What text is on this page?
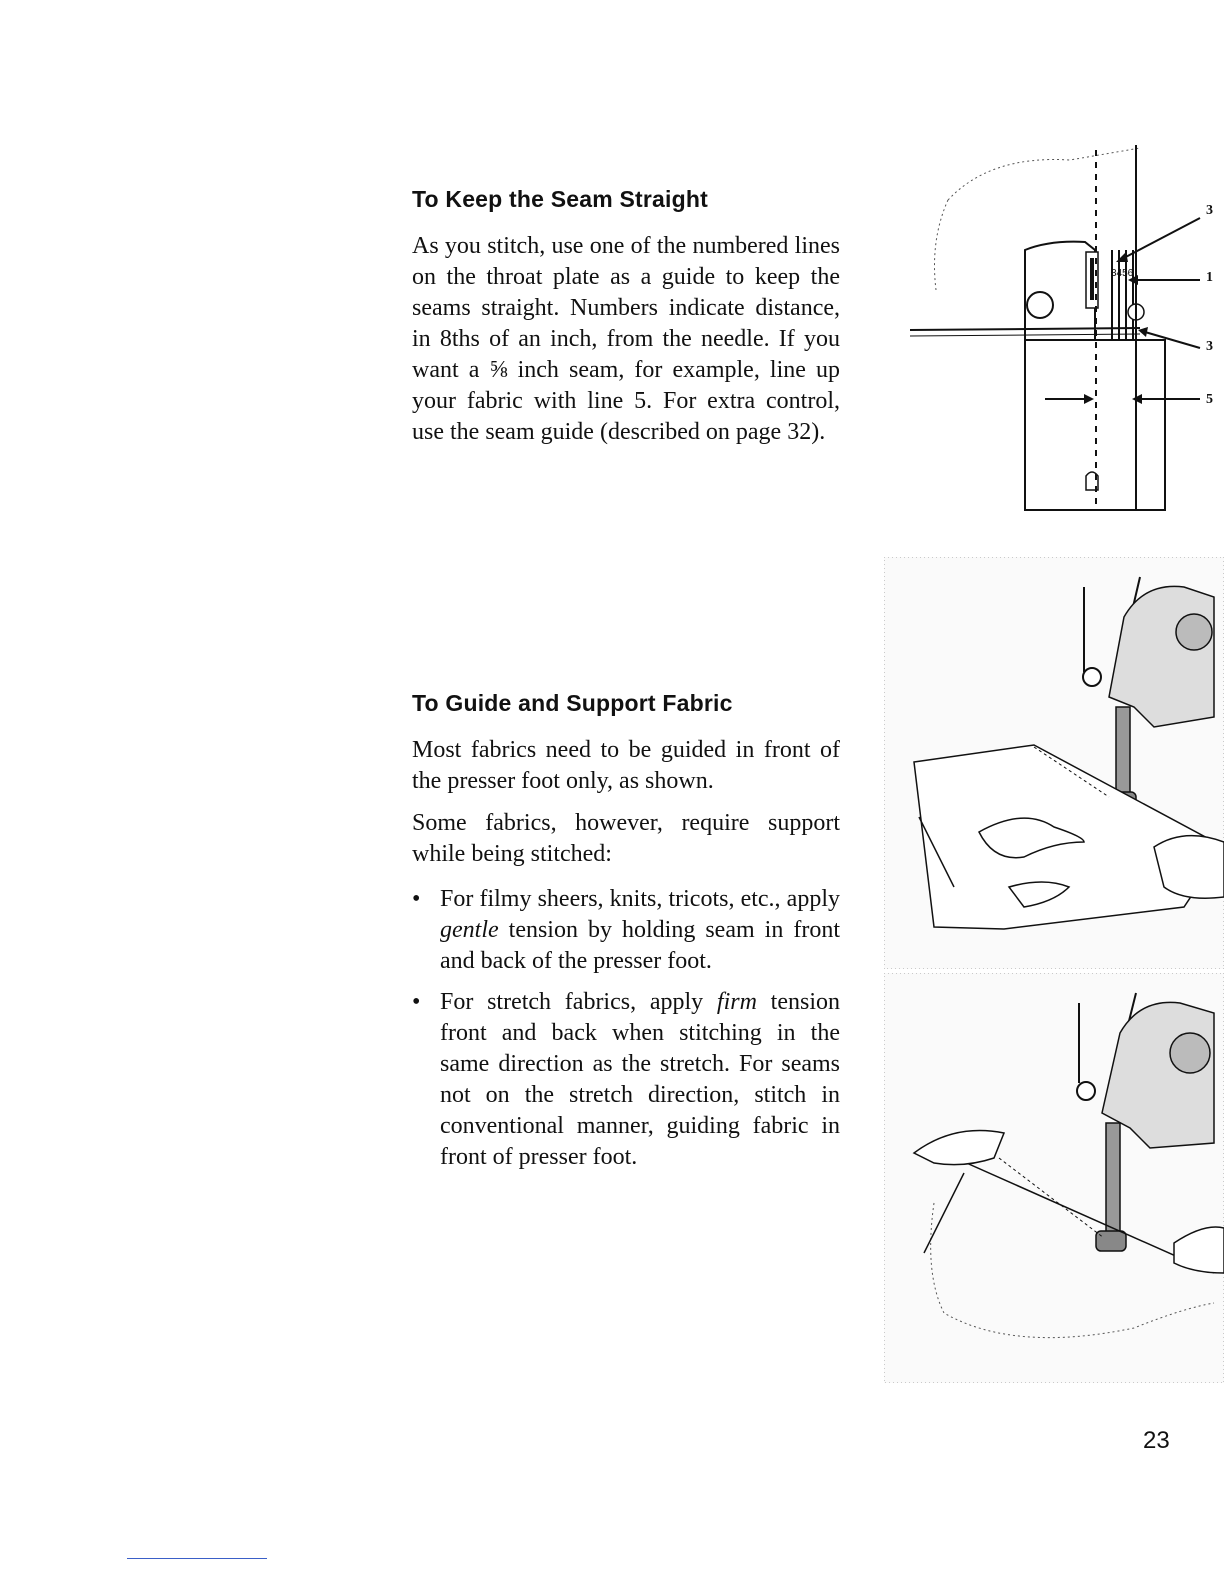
To Keep the Seam Straight

As you stitch, use one of the numbered lines on the throat plate as a guide to keep the seams straight. Numbers indicate distance, in 8ths of an inch, from the needle. If you want a ⅝ inch seam, for example, line up your fabric with line 5. For extra control, use the seam guide (described on page 32).

3456
3
1
3
5
To Guide and Support Fabric

Most fabrics need to be guided in front of the presser foot only, as shown.

Some fabrics, however, require support while being stitched:

• For filmy sheers, knits, tricots, etc., apply gentle tension by holding seam in front and back of the presser foot.
• For stretch fabrics, apply firm tension front and back when stitching in the same direction as the stretch. For seams not on the stretch direction, stitch in conventional manner, guiding fabric in front of presser foot.
23
